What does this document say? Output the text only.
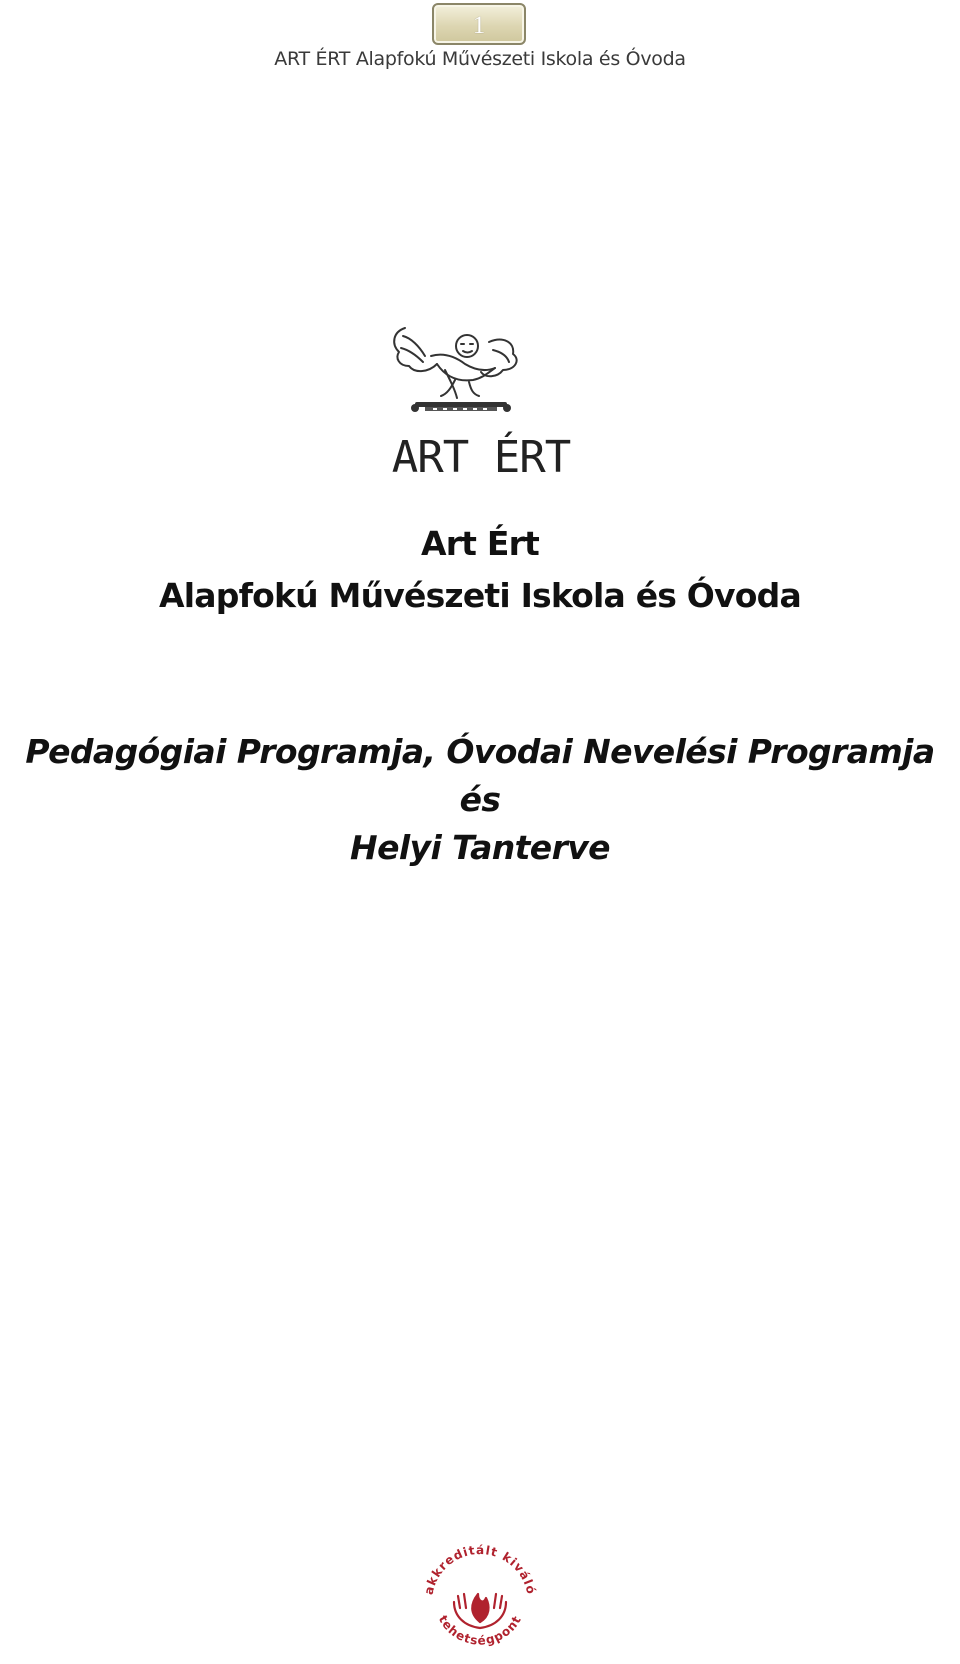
1
ART ÉRT Alapfokú Művészeti Iskola és Óvoda
ART ÉRT
Art Ért
Alapfokú Művészeti Iskola és Óvoda
Pedagógiai Programja, Óvodai Nevelési Programja és
Helyi Tanterve
akkreditált kiváló
tehetségpont
